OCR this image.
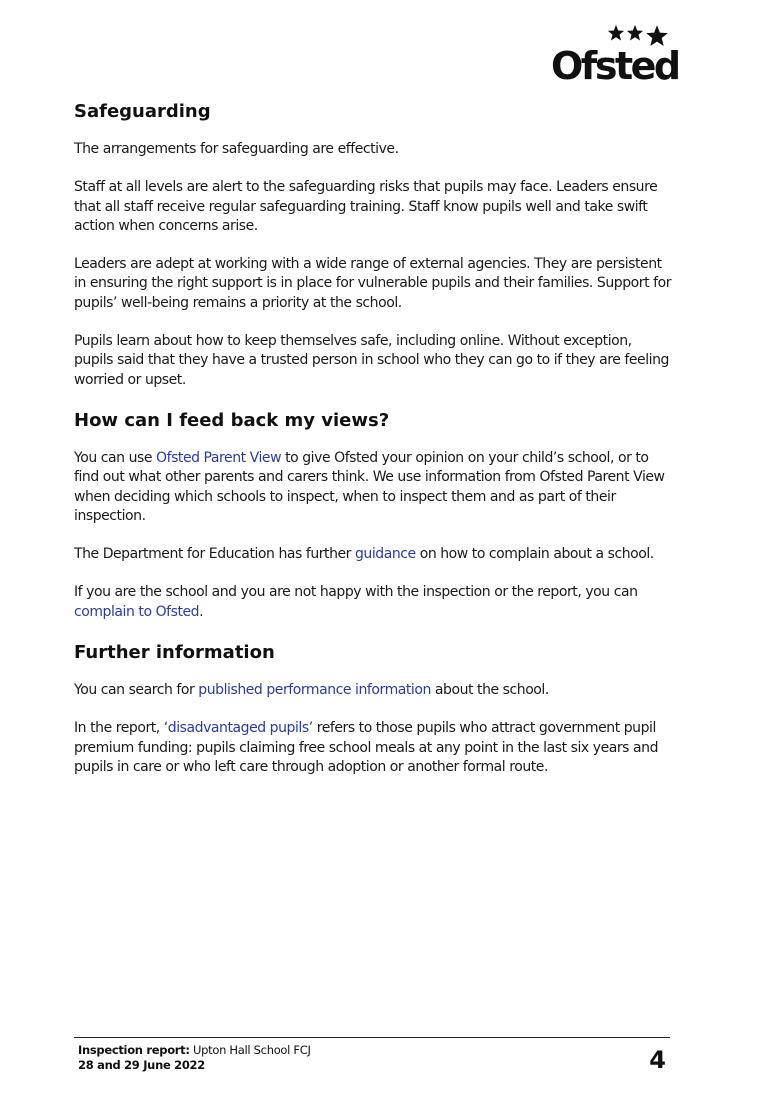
Ofsted
Safeguarding

The arrangements for safeguarding are effective.

Staff at all levels are alert to the safeguarding risks that pupils may face. Leaders ensure that all staff receive regular safeguarding training. Staff know pupils well and take swift action when concerns arise.

Leaders are adept at working with a wide range of external agencies. They are persistent in ensuring the right support is in place for vulnerable pupils and their families. Support for pupils’ well-being remains a priority at the school.

Pupils learn about how to keep themselves safe, including online. Without exception, pupils said that they have a trusted person in school who they can go to if they are feeling worried or upset.

How can I feed back my views?

You can use Ofsted Parent View to give Ofsted your opinion on your child’s school, or to find out what other parents and carers think. We use information from Ofsted Parent View when deciding which schools to inspect, when to inspect them and as part of their inspection.

The Department for Education has further guidance on how to complain about a school.

If you are the school and you are not happy with the inspection or the report, you can complain to Ofsted.

Further information

You can search for published performance information about the school.

In the report, ‘disadvantaged pupils’ refers to those pupils who attract government pupil premium funding: pupils claiming free school meals at any point in the last six years and pupils in care or who left care through adoption or another formal route.

Inspection report: Upton Hall School FCJ
28 and 29 June 2022	4
